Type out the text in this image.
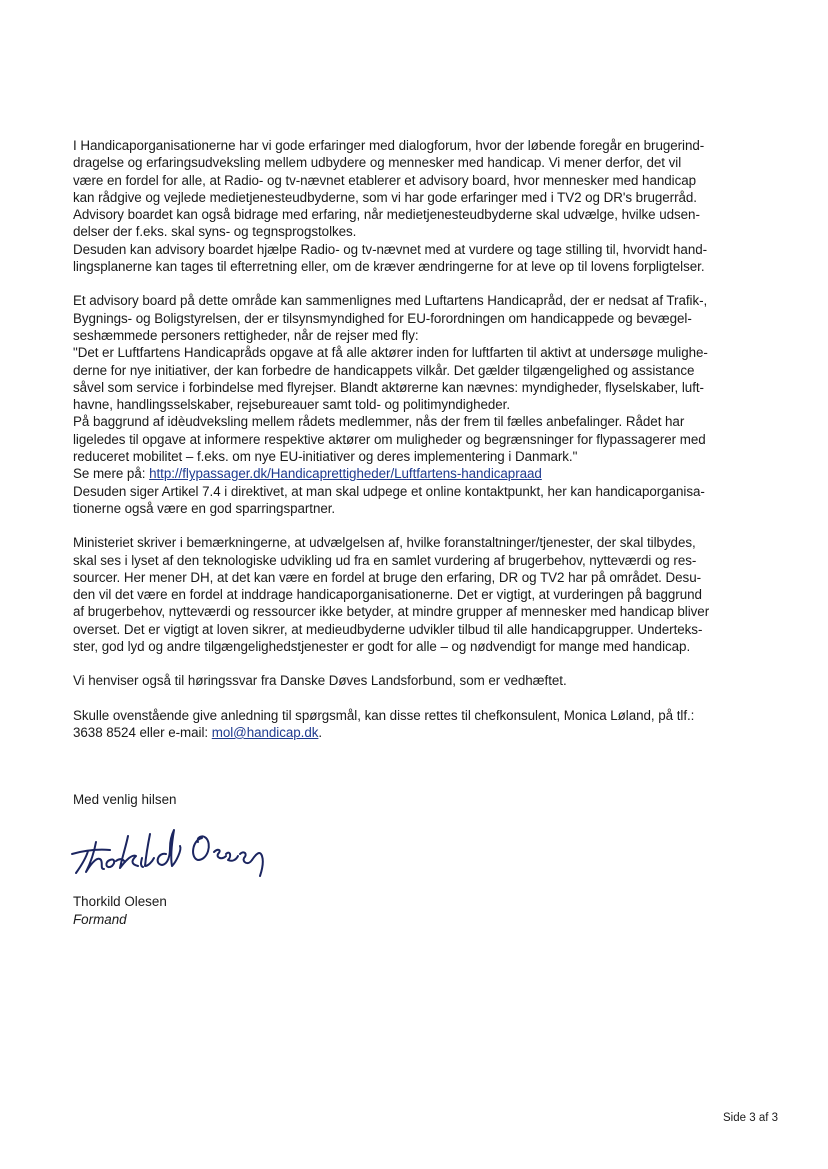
I Handicaporganisationerne har vi gode erfaringer med dialogforum, hvor der løbende foregår en brugerind-

dragelse og erfaringsudveksling mellem udbydere og mennesker med handicap. Vi mener derfor, det vil

være en fordel for alle, at Radio- og tv-nævnet etablerer et advisory board, hvor mennesker med handicap

kan rådgive og vejlede medietjenesteudbyderne, som vi har gode erfaringer med i TV2 og DR's brugerråd.

Advisory boardet kan også bidrage med erfaring, når medietjenesteudbyderne skal udvælge, hvilke udsen-

delser der f.eks. skal syns- og tegnsprogstolkes.

Desuden kan advisory boardet hjælpe Radio- og tv-nævnet med at vurdere og tage stilling til, hvorvidt hand-

lingsplanerne kan tages til efterretning eller, om de kræver ændringerne for at leve op til lovens forpligtelser.

Et advisory board på dette område kan sammenlignes med Luftartens Handicapråd, der er nedsat af Trafik-,

Bygnings- og Boligstyrelsen, der er tilsynsmyndighed for EU-forordningen om handicappede og bevægel-

seshæmmede personers rettigheder, når de rejser med fly:

"Det er Luftfartens Handicapråds opgave at få alle aktører inden for luftfarten til aktivt at undersøge mulighe-

derne for nye initiativer, der kan forbedre de handicappets vilkår. Det gælder tilgængelighed og assistance

såvel som service i forbindelse med flyrejser. Blandt aktørerne kan nævnes: myndigheder, flyselskaber, luft-

havne, handlingsselskaber, rejsebureauer samt told- og politimyndigheder.

På baggrund af idèudveksling mellem rådets medlemmer, nås der frem til fælles anbefalinger. Rådet har

ligeledes til opgave at informere respektive aktører om muligheder og begrænsninger for flypassagerer med

reduceret mobilitet – f.eks. om nye EU-initiativer og deres implementering i Danmark."

Se mere på: http://flypassager.dk/Handicaprettigheder/Luftfartens-handicapraad

Desuden siger Artikel 7.4 i direktivet, at man skal udpege et online kontaktpunkt, her kan handicaporganisa-

tionerne også være en god sparringspartner.

Ministeriet skriver i bemærkningerne, at udvælgelsen af, hvilke foranstaltninger/tjenester, der skal tilbydes,

skal ses i lyset af den teknologiske udvikling ud fra en samlet vurdering af brugerbehov, nytteværdi og res-

sourcer. Her mener DH, at det kan være en fordel at bruge den erfaring, DR og TV2 har på området. Desu-

den vil det være en fordel at inddrage handicaporganisationerne. Det er vigtigt, at vurderingen på baggrund

af brugerbehov, nytteværdi og ressourcer ikke betyder, at mindre grupper af mennesker med handicap bliver

overset. Det er vigtigt at loven sikrer, at medieudbyderne udvikler tilbud til alle handicapgrupper. Underteks-

ster, god lyd og andre tilgængelighedstjenester er godt for alle – og nødvendigt for mange med handicap.

Vi henviser også til høringssvar fra Danske Døves Landsforbund, som er vedhæftet.

Skulle ovenstående give anledning til spørgsmål, kan disse rettes til chefkonsulent, Monica Løland, på tlf.:

3638 8524 eller e-mail: mol@handicap.dk.

Med venlig hilsen
Thorkild Olesen
Formand
Side 3 af 3
